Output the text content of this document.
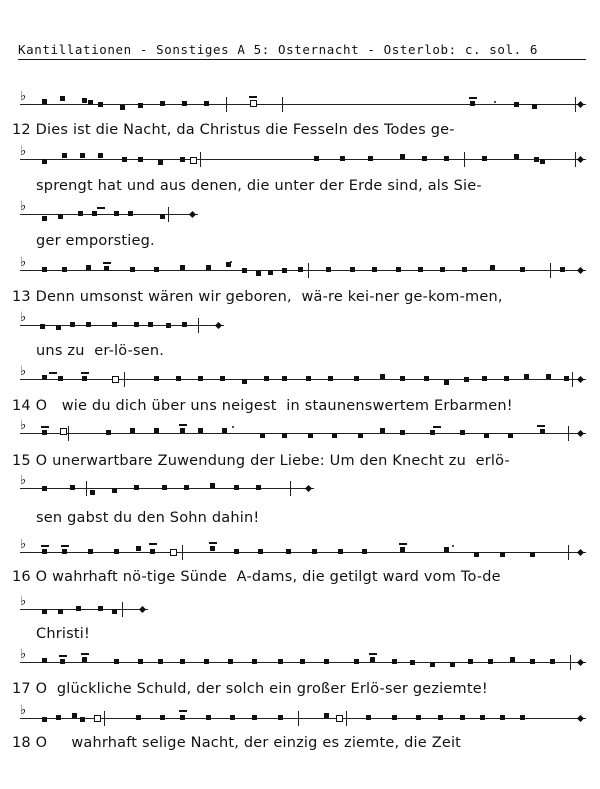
Kantillationen - Sonstiges A 5: Osternacht - Osterlob: c. sol. 6
♭
♭
♭
♭
♭
♭
♭
♭
♭
♭
♭
♭
12 Dies ist die Nacht, da Christus die Fesseln des Todes ge-
sprengt hat und aus denen, die unter der Erde sind, als Sie-
ger emporstieg.
13 Denn umsonst wären wir geboren,  wä-re kei-ner ge-kom-men,
uns zu  er-lö-sen.
14 O   wie du dich über uns neigest  in staunenswertem Erbarmen!
15 O unerwartbare Zuwendung der Liebe: Um den Knecht zu  erlö-
sen gabst du den Sohn dahin!
16 O wahrhaft nö-tige Sünde  A-dams, die getilgt ward vom To-de
Christi!
17 O  glückliche Schuld, der solch ein großer Erlö-ser geziemte!
18 O     wahrhaft selige Nacht, der einzig es ziemte, die Zeit
